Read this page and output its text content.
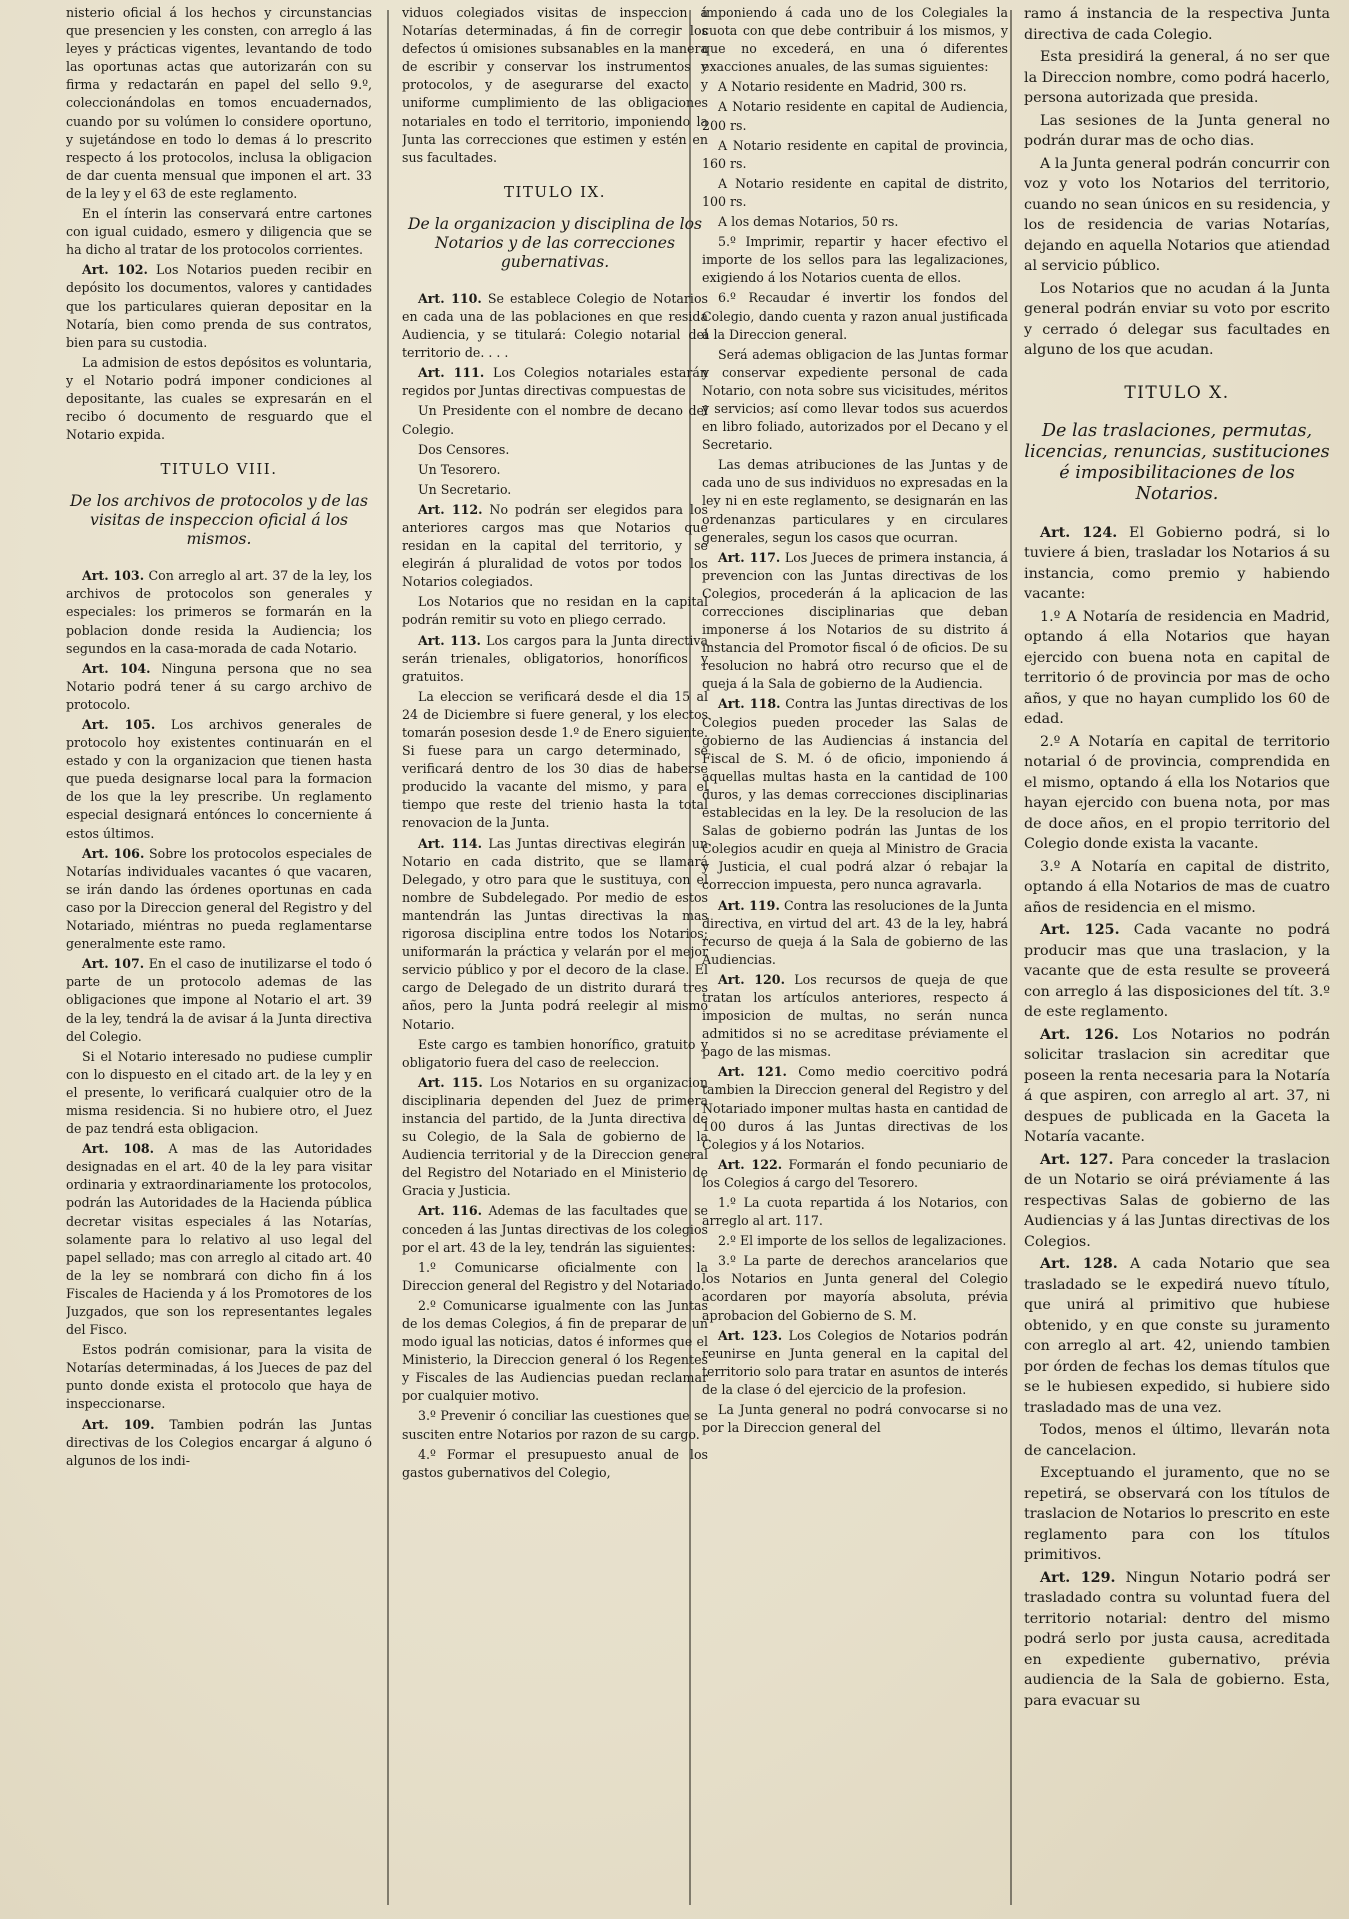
nisterio oficial á los hechos y circunstancias que presencien y les consten, con arreglo á las leyes y prácticas vigentes, levantando de todo las oportunas actas que autorizarán con su firma y redactarán en papel del sello 9.º, coleccionándolas en tomos encuadernados, cuando por su volúmen lo considere oportuno, y sujetándose en todo lo demas á lo prescrito respecto á los protocolos, inclusa la obligacion de dar cuenta mensual que imponen el art. 33 de la ley y el 63 de este reglamento.

En el ínterin las conservará entre cartones con igual cuidado, esmero y diligencia que se ha dicho al tratar de los protocolos corrientes.

Art. 102. Los Notarios pueden recibir en depósito los documentos, valores y cantidades que los particulares quieran depositar en la Notaría, bien como prenda de sus contratos, bien para su custodia.

La admision de estos depósitos es voluntaria, y el Notario podrá imponer condiciones al depositante, las cuales se expresarán en el recibo ó documento de resguardo que el Notario expida.

TITULO VIII.
De los archivos de protocolos y de las visitas de inspeccion oficial á los mismos.

Art. 103. Con arreglo al art. 37 de la ley, los archivos de protocolos son generales y especiales: los primeros se formarán en la poblacion donde resida la Audiencia; los segundos en la casa-morada de cada Notario.

Art. 104. Ninguna persona que no sea Notario podrá tener á su cargo archivo de protocolo.

Art. 105. Los archivos generales de protocolo hoy existentes continuarán en el estado y con la organizacion que tienen hasta que pueda designarse local para la formacion de los que la ley prescribe. Un reglamento especial designará entónces lo concerniente á estos últimos.

Art. 106. Sobre los protocolos especiales de Notarías individuales vacantes ó que vacaren, se irán dando las órdenes oportunas en cada caso por la Direccion general del Registro y del Notariado, miéntras no pueda reglamentarse generalmente este ramo.

Art. 107. En el caso de inutilizarse el todo ó parte de un protocolo ademas de las obligaciones que impone al Notario el art. 39 de la ley, tendrá la de avisar á la Junta directiva del Colegio.

Si el Notario interesado no pudiese cumplir con lo dispuesto en el citado art. de la ley y en el presente, lo verificará cualquier otro de la misma residencia. Si no hubiere otro, el Juez de paz tendrá esta obligacion.

Art. 108. A mas de las Autoridades designadas en el art. 40 de la ley para visitar ordinaria y extraordinariamente los protocolos, podrán las Autoridades de la Hacienda pública decretar visitas especiales á las Notarías, solamente para lo relativo al uso legal del papel sellado; mas con arreglo al citado art. 40 de la ley se nombrará con dicho fin á los Fiscales de Hacienda y á los Promotores de los Juzgados, que son los representantes legales del Fisco.

Estos podrán comisionar, para la visita de Notarías determinadas, á los Jueces de paz del punto donde exista el protocolo que haya de inspeccionarse.

Art. 109. Tambien podrán las Juntas directivas de los Colegios encargar á alguno ó algunos de los indi-

viduos colegiados visitas de inspeccion á Notarías determinadas, á fin de corregir los defectos ú omisiones subsanables en la manera de escribir y conservar los instrumentos y protocolos, y de asegurarse del exacto y uniforme cumplimiento de las obligaciones notariales en todo el territorio, imponiendo la Junta las correcciones que estimen y estén en sus facultades.

TITULO IX.
De la organizacion y disciplina de los Notarios y de las correcciones gubernativas.

Art. 110. Se establece Colegio de Notarios en cada una de las poblaciones en que resida Audiencia, y se titulará: Colegio notarial del territorio de. . . .

Art. 111. Los Colegios notariales estarán regidos por Juntas directivas compuestas de

Un Presidente con el nombre de decano del Colegio.

Dos Censores.

Un Tesorero.

Un Secretario.

Art. 112. No podrán ser elegidos para los anteriores cargos mas que Notarios que residan en la capital del territorio, y se elegirán á pluralidad de votos por todos los Notarios colegiados.

Los Notarios que no residan en la capital podrán remitir su voto en pliego cerrado.

Art. 113. Los cargos para la Junta directiva serán trienales, obligatorios, honoríficos y gratuitos.

La eleccion se verificará desde el dia 15 al 24 de Diciembre si fuere general, y los electos tomarán posesion desde 1.º de Enero siguiente. Si fuese para un cargo determinado, se verificará dentro de los 30 dias de haberse producido la vacante del mismo, y para el tiempo que reste del trienio hasta la total renovacion de la Junta.

Art. 114. Las Juntas directivas elegirán un Notario en cada distrito, que se llamará Delegado, y otro para que le sustituya, con el nombre de Subdelegado. Por medio de estos mantendrán las Juntas directivas la mas rigorosa disciplina entre todos los Notarios; uniformarán la práctica y velarán por el mejor servicio público y por el decoro de la clase. El cargo de Delegado de un distrito durará tres años, pero la Junta podrá reelegir al mismo Notario.

Este cargo es tambien honorífico, gratuito y obligatorio fuera del caso de reeleccion.

Art. 115. Los Notarios en su organizacion disciplinaria dependen del Juez de primera instancia del partido, de la Junta directiva de su Colegio, de la Sala de gobierno de la Audiencia territorial y de la Direccion general del Registro del Notariado en el Ministerio de Gracia y Justicia.

Art. 116. Ademas de las facultades que se conceden á las Juntas directivas de los colegios por el art. 43 de la ley, tendrán las siguientes:

1.º Comunicarse oficialmente con la Direccion general del Registro y del Notariado.

2.º Comunicarse igualmente con las Juntas de los demas Colegios, á fin de preparar de un modo igual las noticias, datos é informes que el Ministerio, la Direccion general ó los Regentes y Fiscales de las Audiencias puedan reclamar por cualquier motivo.

3.º Prevenir ó conciliar las cuestiones que se susciten entre Notarios por razon de su cargo.

4.º Formar el presupuesto anual de los gastos gubernativos del Colegio,

imponiendo á cada uno de los Colegiales la cuota con que debe contribuir á los mismos, y que no excederá, en una ó diferentes exacciones anuales, de las sumas siguientes:

A Notario residente en Madrid, 300 rs.

A Notario residente en capital de Audiencia, 200 rs.

A Notario residente en capital de provincia, 160 rs.

A Notario residente en capital de distrito, 100 rs.

A los demas Notarios, 50 rs.

5.º Imprimir, repartir y hacer efectivo el importe de los sellos para las legalizaciones, exigiendo á los Notarios cuenta de ellos.

6.º Recaudar é invertir los fondos del Colegio, dando cuenta y razon anual justificada á la Direccion general.

Será ademas obligacion de las Juntas formar y conservar expediente personal de cada Notario, con nota sobre sus vicisitudes, méritos y servicios; así como llevar todos sus acuerdos en libro foliado, autorizados por el Decano y el Secretario.

Las demas atribuciones de las Juntas y de cada uno de sus individuos no expresadas en la ley ni en este reglamento, se designarán en las ordenanzas particulares y en circulares generales, segun los casos que ocurran.

Art. 117. Los Jueces de primera instancia, á prevencion con las Juntas directivas de los Colegios, procederán á la aplicacion de las correcciones disciplinarias que deban imponerse á los Notarios de su distrito á instancia del Promotor fiscal ó de oficios. De su resolucion no habrá otro recurso que el de queja á la Sala de gobierno de la Audiencia.

Art. 118. Contra las Juntas directivas de los Colegios pueden proceder las Salas de gobierno de las Audiencias á instancia del Fiscal de S. M. ó de oficio, imponiendo á aquellas multas hasta en la cantidad de 100 duros, y las demas correcciones disciplinarias establecidas en la ley. De la resolucion de las Salas de gobierno podrán las Juntas de los Colegios acudir en queja al Ministro de Gracia y Justicia, el cual podrá alzar ó rebajar la correccion impuesta, pero nunca agravarla.

Art. 119. Contra las resoluciones de la Junta directiva, en virtud del art. 43 de la ley, habrá recurso de queja á la Sala de gobierno de las Audiencias.

Art. 120. Los recursos de queja de que tratan los artículos anteriores, respecto á imposicion de multas, no serán nunca admitidos si no se acreditase préviamente el pago de las mismas.

Art. 121. Como medio coercitivo podrá tambien la Direccion general del Registro y del Notariado imponer multas hasta en cantidad de 100 duros á las Juntas directivas de los Colegios y á los Notarios.

Art. 122. Formarán el fondo pecuniario de los Colegios á cargo del Tesorero.

1.º La cuota repartida á los Notarios, con arreglo al art. 117.

2.º El importe de los sellos de legalizaciones.

3.º La parte de derechos arancelarios que los Notarios en Junta general del Colegio acordaren por mayoría absoluta, prévia aprobacion del Gobierno de S. M.

Art. 123. Los Colegios de Notarios podrán reunirse en Junta general en la capital del territorio solo para tratar en asuntos de interés de la clase ó del ejercicio de la profesion.

La Junta general no podrá convocarse si no por la Direccion general del

ramo á instancia de la respectiva Junta directiva de cada Colegio.

Esta presidirá la general, á no ser que la Direccion nombre, como podrá hacerlo, persona autorizada que presida.

Las sesiones de la Junta general no podrán durar mas de ocho dias.

A la Junta general podrán concurrir con voz y voto los Notarios del territorio, cuando no sean únicos en su residencia, y los de residencia de varias Notarías, dejando en aquella Notarios que atiendad al servicio público.

Los Notarios que no acudan á la Junta general podrán enviar su voto por escrito y cerrado ó delegar sus facultades en alguno de los que acudan.

TITULO X.
De las traslaciones, permutas, licencias, renuncias, sustituciones é imposibilitaciones de los Notarios.

Art. 124. El Gobierno podrá, si lo tuviere á bien, trasladar los Notarios á su instancia, como premio y habiendo vacante:

1.º A Notaría de residencia en Madrid, optando á ella Notarios que hayan ejercido con buena nota en capital de territorio ó de provincia por mas de ocho años, y que no hayan cumplido los 60 de edad.

2.º A Notaría en capital de territorio notarial ó de provincia, comprendida en el mismo, optando á ella los Notarios que hayan ejercido con buena nota, por mas de doce años, en el propio territorio del Colegio donde exista la vacante.

3.º A Notaría en capital de distrito, optando á ella Notarios de mas de cuatro años de residencia en el mismo.

Art. 125. Cada vacante no podrá producir mas que una traslacion, y la vacante que de esta resulte se proveerá con arreglo á las disposiciones del tít. 3.º de este reglamento.

Art. 126. Los Notarios no podrán solicitar traslacion sin acreditar que poseen la renta necesaria para la Notaría á que aspiren, con arreglo al art. 37, ni despues de publicada en la Gaceta la Notaría vacante.

Art. 127. Para conceder la traslacion de un Notario se oirá préviamente á las respectivas Salas de gobierno de las Audiencias y á las Juntas directivas de los Colegios.

Art. 128. A cada Notario que sea trasladado se le expedirá nuevo título, que unirá al primitivo que hubiese obtenido, y en que conste su juramento con arreglo al art. 42, uniendo tambien por órden de fechas los demas títulos que se le hubiesen expedido, si hubiere sido trasladado mas de una vez.

Todos, menos el último, llevarán nota de cancelacion.

Exceptuando el juramento, que no se repetirá, se observará con los títulos de traslacion de Notarios lo prescrito en este reglamento para con los títulos primitivos.

Art. 129. Ningun Notario podrá ser trasladado contra su voluntad fuera del territorio notarial: dentro del mismo podrá serlo por justa causa, acreditada en expediente gubernativo, prévia audiencia de la Sala de gobierno. Esta, para evacuar su
